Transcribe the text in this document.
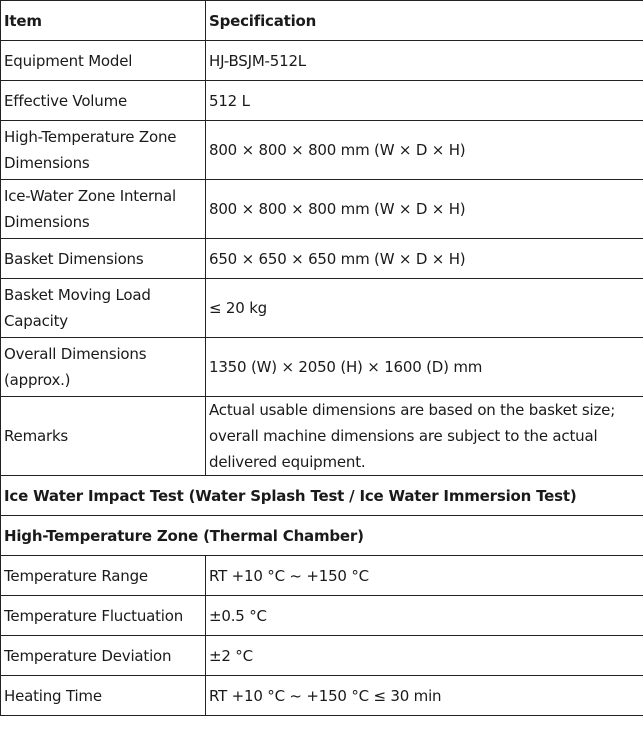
Item	Specification
Equipment Model	HJ-BSJM-512L
Effective Volume	512 L
High-Temperature Zone Dimensions	800 × 800 × 800 mm (W × D × H)
Ice-Water Zone Internal Dimensions	800 × 800 × 800 mm (W × D × H)
Basket Dimensions	650 × 650 × 650 mm (W × D × H)
Basket Moving Load Capacity	≤ 20 kg
Overall Dimensions (approx.)	1350 (W) × 2050 (H) × 1600 (D) mm
Remarks	Actual usable dimensions are based on the basket size; overall machine dimensions are subject to the actual delivered equipment.
Ice Water Impact Test (Water Splash Test / Ice Water Immersion Test)	
High-Temperature Zone (Thermal Chamber)	
Temperature Range	RT +10 °C ~ +150 °C
Temperature Fluctuation	±0.5 °C
Temperature Deviation	±2 °C
Heating Time	RT +10 °C ~ +150 °C ≤ 30 min
